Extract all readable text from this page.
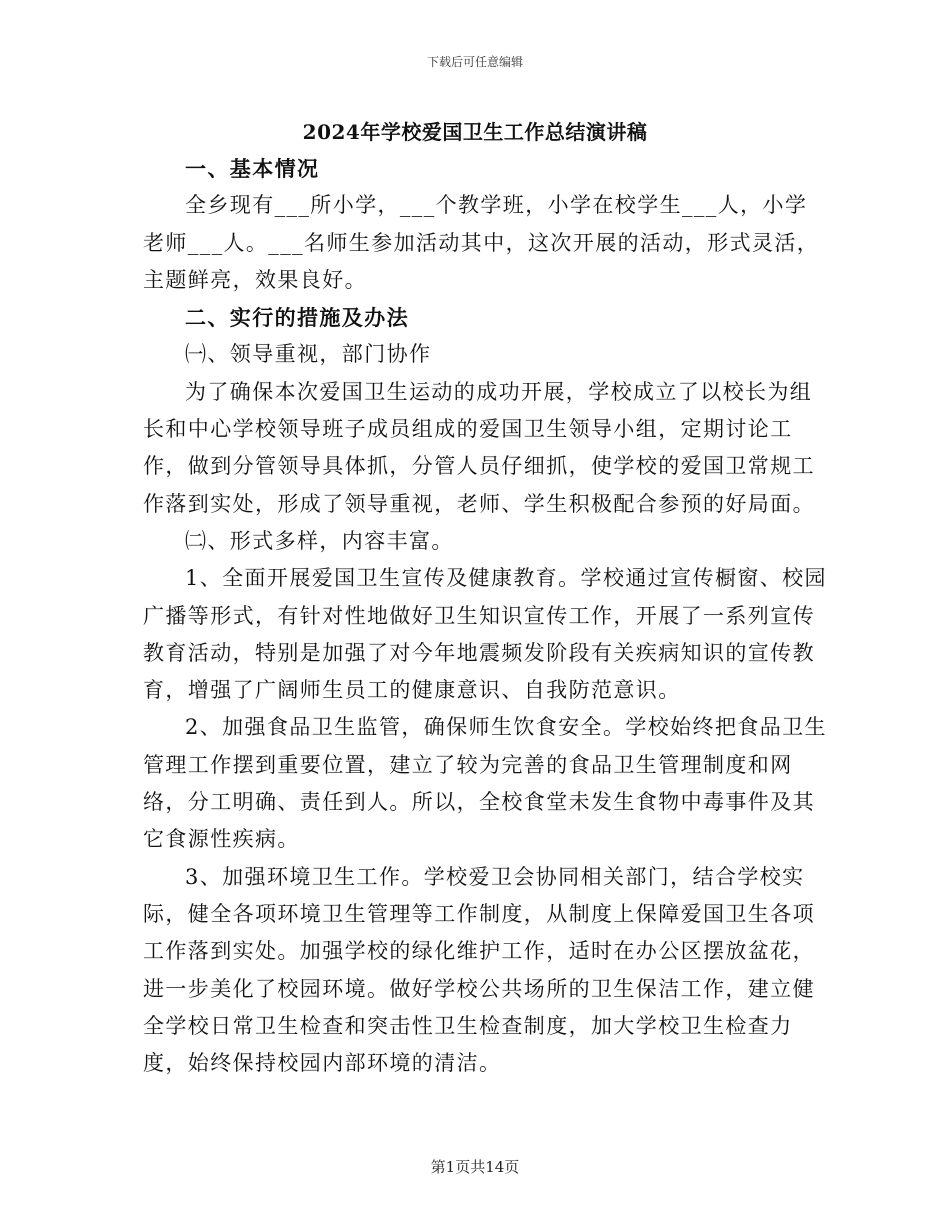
下载后可任意编辑
2024年学校爱国卫生工作总结演讲稿

一、基本情况

全乡现有___所小学，___个教学班，小学在校学生___人，小学老师___人。___名师生参加活动其中，这次开展的活动，形式灵活，主题鲜亮，效果良好。

二、实行的措施及办法

㈠、领导重视，部门协作

为了确保本次爱国卫生运动的成功开展，学校成立了以校长为组长和中心学校领导班子成员组成的爱国卫生领导小组，定期讨论工作，做到分管领导具体抓，分管人员仔细抓，使学校的爱国卫常规工作落到实处，形成了领导重视，老师、学生积极配合参预的好局面。

㈡、形式多样，内容丰富。

1、全面开展爱国卫生宣传及健康教育。学校通过宣传橱窗、校园广播等形式，有针对性地做好卫生知识宣传工作，开展了一系列宣传教育活动，特别是加强了对今年地震频发阶段有关疾病知识的宣传教育，增强了广阔师生员工的健康意识、自我防范意识。

2、加强食品卫生监管，确保师生饮食安全。学校始终把食品卫生管理工作摆到重要位置，建立了较为完善的食品卫生管理制度和网络，分工明确、责任到人。所以，全校食堂未发生食物中毒事件及其它食源性疾病。

3、加强环境卫生工作。学校爱卫会协同相关部门，结合学校实际，健全各项环境卫生管理等工作制度，从制度上保障爱国卫生各项工作落到实处。加强学校的绿化维护工作，适时在办公区摆放盆花，进一步美化了校园环境。做好学校公共场所的卫生保洁工作，建立健全学校日常卫生检查和突击性卫生检查制度，加大学校卫生检查力度，始终保持校园内部环境的清洁。

第1页共14页
